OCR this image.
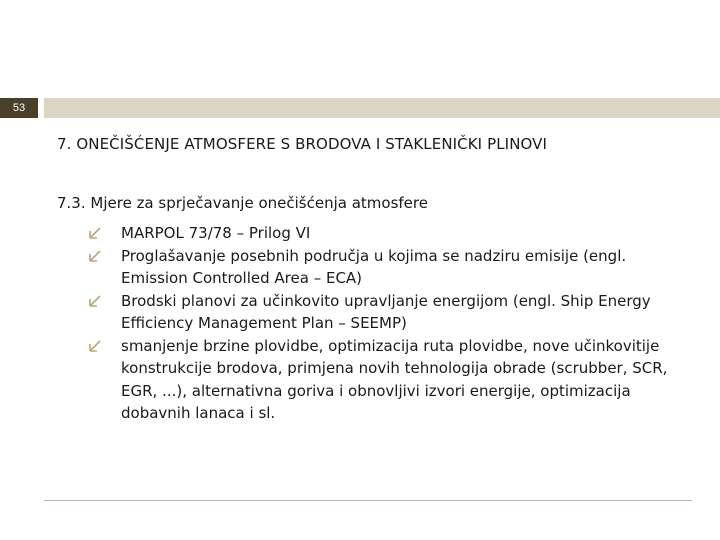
53
7. ONEČIŠĆENJE ATMOSFERE S BRODOVA I STAKLENIČKI PLINOVI
7.3. Mjere za sprječavanje onečišćenja atmosfere
MARPOL 73/78 – Prilog VI
Proglašavanje posebnih područja u kojima se nadziru emisije (engl. Emission Controlled Area – ECA)
Brodski planovi za učinkovito upravljanje energijom (engl. Ship Energy Efficiency Management Plan – SEEMP)
smanjenje brzine plovidbe, optimizacija ruta plovidbe, nove učinkovitije konstrukcije brodova, primjena novih tehnologija obrade (scrubber, SCR, EGR, ...), alternativna goriva i obnovljivi izvori energije, optimizacija dobavnih lanaca i sl.
